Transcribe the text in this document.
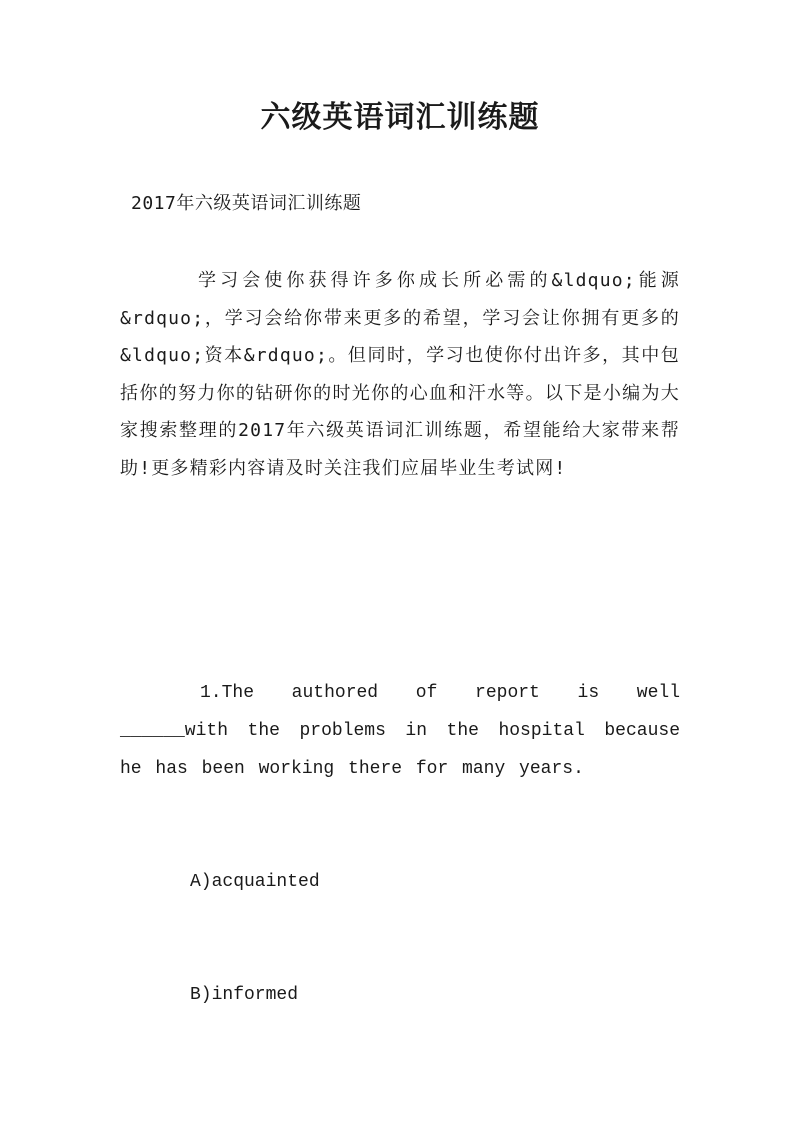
六级英语词汇训练题
2017年六级英语词汇训练题

学习会使你获得许多你成长所必需的&ldquo;能源&rdquo;，学习会给你带来更多的希望，学习会让你拥有更多的&ldquo;资本&rdquo;。但同时，学习也使你付出许多，其中包括你的努力你的钻研你的时光你的心血和汗水等。以下是小编为大家搜索整理的2017年六级英语词汇训练题，希望能给大家带来帮助!更多精彩内容请及时关注我们应届毕业生考试网!

1.The authored of report is well ______with the problems in the hospital because he has been working there for many years.

A)acquainted
B)informed
